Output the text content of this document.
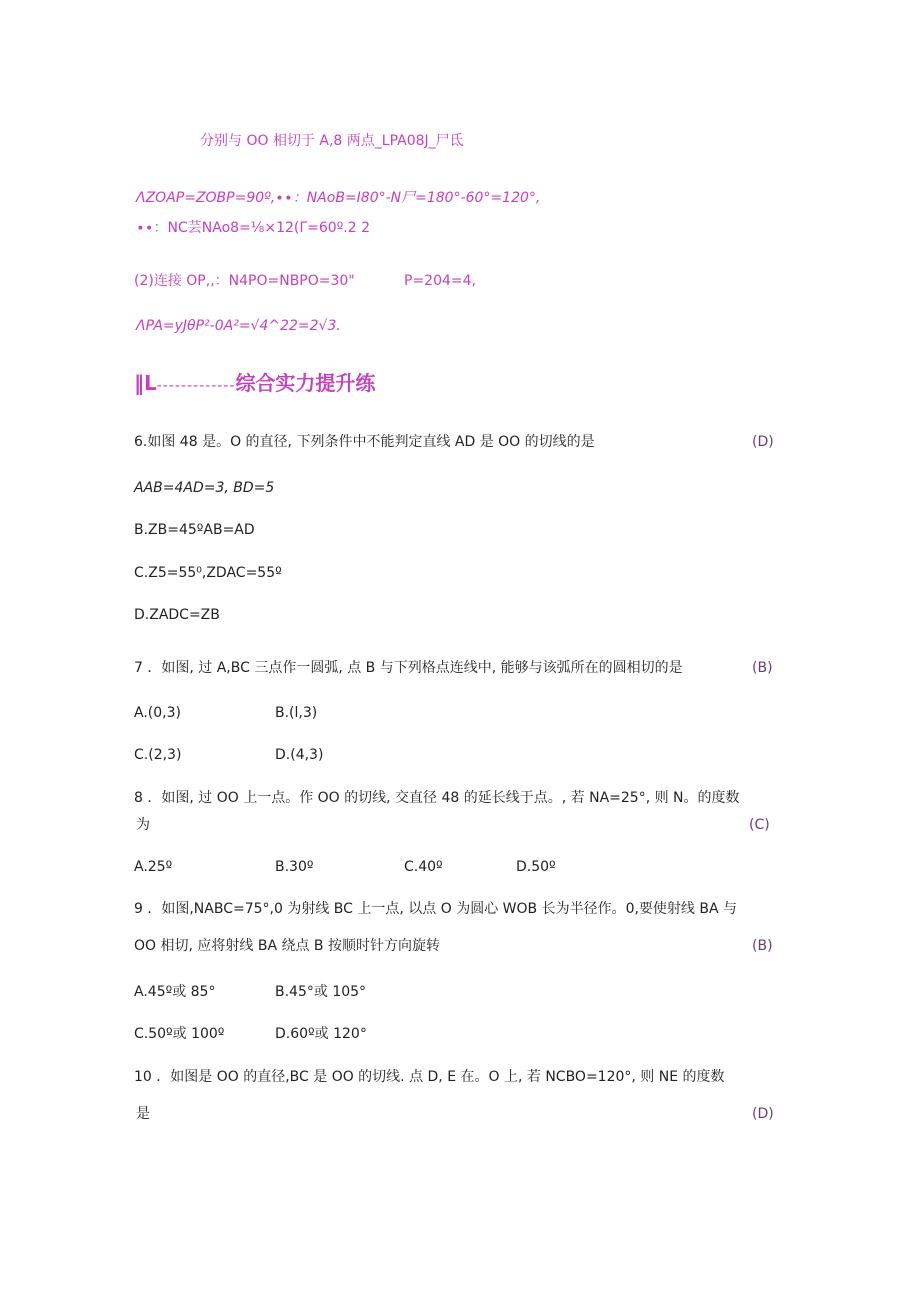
分别与 OO 相切于 A,8 两点_LPA08J_尸氐
ΛZOAP=ZOBP=90º,∙∙：NAoB=I80°-N尸=180°-60°=120°,
∙∙：NC芸NAo8=⅛×12(Γ=60º.2 2
(2)连接 OP,,：N4PO=NBPO=30"	P=204=4,
ΛPA=yJθP²-0A²=√4^22=2√3.
‖L-------------综合实力提升练
6.如图 48 是。O 的直径, 下列条件中不能判定直线 AD 是 OO 的切线的是	(D)
AAB=4AD=3, BD=5
B.ZB=45ºAB=AD
C.Z5=55⁰,ZDAC=55º
D.ZADC=ZB
7 ．如图, 过 A,BC 三点作一圆弧, 点 B 与下列格点连线中, 能够与该弧所在的圆相切的是	(B)
A.(0,3)	B.(l,3)
C.(2,3)	D.(4,3)
8 ．如图, 过 OO 上一点。作 OO 的切线, 交直径 48 的延长线于点。, 若 NA=25°, 则 N。的度数
为	(C)
A.25º	B.30º	C.40º	D.50º
9 ．如图,NABC=75°,0 为射线 BC 上一点, 以点 O 为圆心 WOB 长为半径作。0,要使射线 BA 与
OO 相切, 应将射线 BA 绕点 B 按顺时针方向旋转	(B)
A.45º或 85°	B.45°或 105°
C.50º或 100º	D.60º或 120°
10 ．如图是 OO 的直径,BC 是 OO 的切线. 点 D, E 在。O 上, 若 NCBO=120°, 则 NE 的度数
是	(D)
